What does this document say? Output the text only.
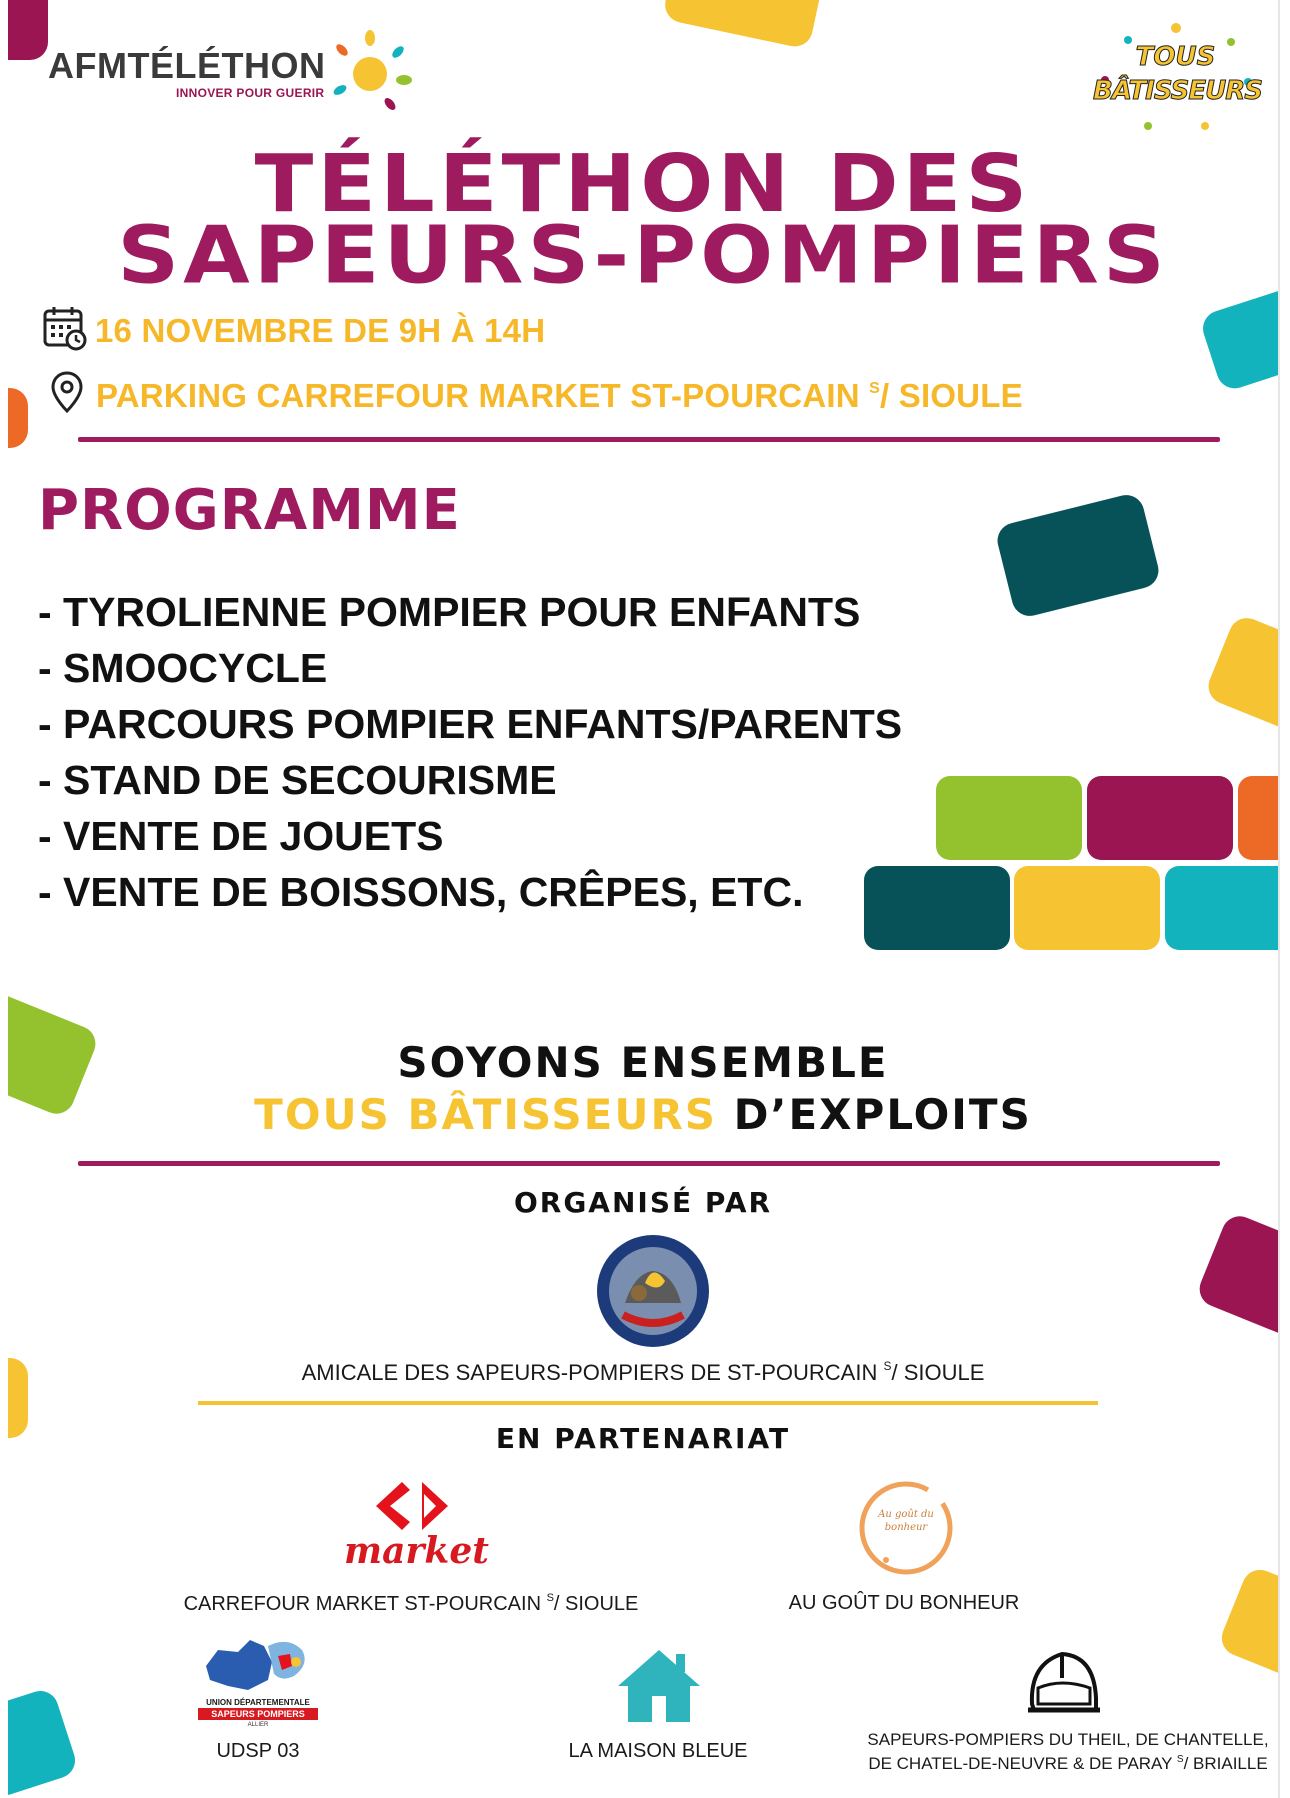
AFMTÉLÉTHON
INNOVER POUR GUERIR
TOUS
BÂTISSEURS
TÉLÉTHON DES
SAPEURS-POMPIERS
16 NOVEMBRE DE 9H À 14H
PARKING CARREFOUR MARKET ST-POURCAIN $^S$/ SIOULE
PROGRAMME
- TYROLIENNE POMPIER POUR ENFANTS
- SMOOCYCLE
- PARCOURS POMPIER ENFANTS/PARENTS
- STAND DE SECOURISME
- VENTE DE JOUETS
- VENTE DE BOISSONS, CRÊPES, ETC.
SOYONS ENSEMBLE
TOUS BÂTISSEURS D’EXPLOITS
ORGANISÉ PAR
AMICALE DES SAPEURS-POMPIERS DE ST-POURCAIN $^S$/ SIOULE
EN PARTENARIAT
market
CARREFOUR MARKET ST-POURCAIN $^S$/ SIOULE
Au goût du bonheur
AU GOÛT DU BONHEUR
UNION DÉPARTEMENTALE
SAPEURS POMPIERS
ALLIER
UDSP 03	LA MAISON BLEUE
SAPEURS-POMPIERS DU THEIL, DE CHANTELLE,
DE CHATEL-DE-NEUVRE & DE PARAY $^S$/ BRIAILLE
